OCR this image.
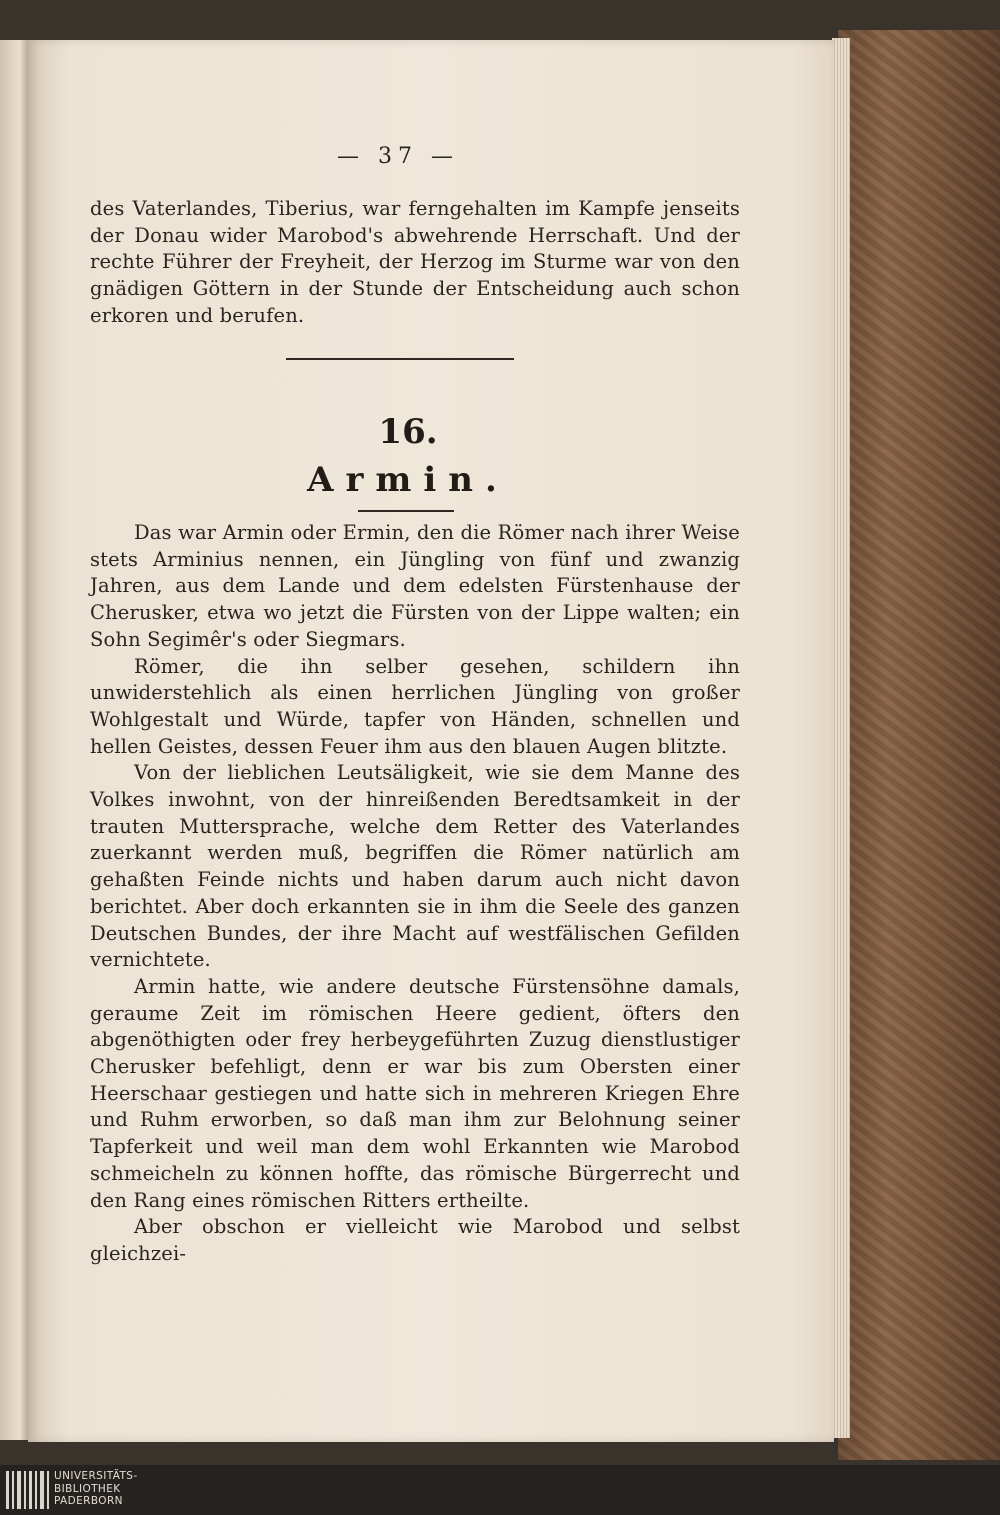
— 37 —

des Vaterlandes, Tiberius, war ferngehalten im Kampfe jenseits der Donau wider Marobod's abwehrende Herrschaft. Und der rechte Führer der Freyheit, der Herzog im Sturme war von den gnädigen Göttern in der Stunde der Entscheidung auch schon erkoren und berufen.

16.
Armin.

Das war Armin oder Ermin, den die Römer nach ihrer Weise stets Arminius nennen, ein Jüngling von fünf und zwanzig Jahren, aus dem Lande und dem edelsten Fürstenhause der Cherusker, etwa wo jetzt die Fürsten von der Lippe walten; ein Sohn Segimêr's oder Siegmars.

Römer, die ihn selber gesehen, schildern ihn unwiderstehlich als einen herrlichen Jüngling von großer Wohlgestalt und Würde, tapfer von Händen, schnellen und hellen Geistes, dessen Feuer ihm aus den blauen Augen blitzte.

Von der lieblichen Leutsäligkeit, wie sie dem Manne des Volkes inwohnt, von der hinreißenden Beredtsamkeit in der trauten Muttersprache, welche dem Retter des Vaterlandes zuerkannt werden muß, begriffen die Römer natürlich am gehaßten Feinde nichts und haben darum auch nicht davon berichtet. Aber doch erkannten sie in ihm die Seele des ganzen Deutschen Bundes, der ihre Macht auf westfälischen Gefilden vernichtete.

Armin hatte, wie andere deutsche Fürstensöhne damals, geraume Zeit im römischen Heere gedient, öfters den abgenöthigten oder frey herbeygeführten Zuzug dienstlustiger Cherusker befehligt, denn er war bis zum Obersten einer Heerschaar gestiegen und hatte sich in mehreren Kriegen Ehre und Ruhm erworben, so daß man ihm zur Belohnung seiner Tapferkeit und weil man dem wohl Erkannten wie Marobod schmeicheln zu können hoffte, das römische Bürgerrecht und den Rang eines römischen Ritters ertheilte.

Aber obschon er vielleicht wie Marobod und selbst gleichzei-

UNIVERSITÄTS-
BIBLIOTHEK
PADERBORN
